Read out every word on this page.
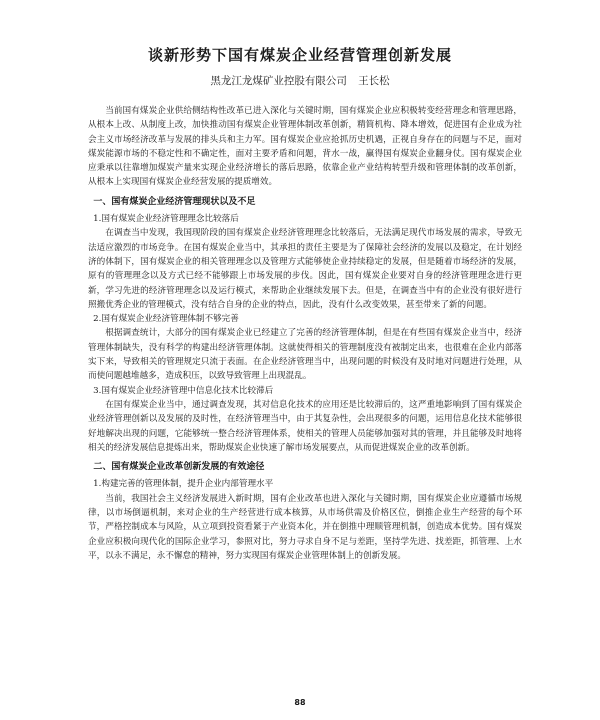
谈新形势下国有煤炭企业经营管理创新发展
黑龙江龙煤矿业控股有限公司 王长松

当前国有煤炭企业供给侧结构性改革已进入深化与关键时期，国有煤炭企业应积极转变经营理念和管理思路，从根本上改、从制度上改，加快推动国有煤炭企业管理体制改革创新，精简机构、降本增效，促进国有企业成为社会主义市场经济改革与发展的排头兵和主力军。国有煤炭企业应抢抓历史机遇，正视自身存在的问题与不足，面对煤炭能源市场的不稳定性和不确定性，面对主要矛盾和问题，背水一战，赢得国有煤炭企业翻身仗。国有煤炭企业应秉承以往靠增加煤炭产量来实现企业经济增长的落后思路，依靠企业产业结构转型升级和管理体制的改革创新，从根本上实现国有煤炭企业经营发展的提质增效。

一、国有煤炭企业经济管理现状以及不足
1.国有煤炭企业经济管理理念比较落后

在调查当中发现，我国现阶段的国有煤炭企业经济管理理念比较落后，无法满足现代市场发展的需求，导致无法适应激烈的市场竞争。在国有煤炭企业当中，其承担的责任主要是为了保障社会经济的发展以及稳定，在计划经济的体制下，国有煤炭企业的相关管理理念以及管理方式能够使企业持续稳定的发展，但是随着市场经济的发展，原有的管理理念以及方式已经不能够跟上市场发展的步伐。因此，国有煤炭企业要对自身的经济管理理念进行更新，学习先进的经济管理理念以及运行模式，来帮助企业继续发展下去。但是，在调查当中有的企业没有很好进行照搬优秀企业的管理模式，没有结合自身的企业的特点，因此，没有什么改变效果，甚至带来了新的问题。

2.国有煤炭企业经济管理体制不够完善

根据调查统计，大部分的国有煤炭企业已经建立了完善的经济管理体制，但是在有些国有煤炭企业当中，经济管理体制缺失，没有科学的构建出经济管理体制。这就使得相关的管理制度没有被制定出来，也很难在企业内部落实下来，导致相关的管理规定只流于表面。在企业经济管理当中，出现问题的时候没有及时地对问题进行处理，从而使问题越堆越多，造成积压，以致导致管理上出现混乱。

3.国有煤炭企业经济管理中信息化技术比较滞后

在国有煤炭企业当中，通过调查发现，其对信息化技术的应用还是比较滞后的，这严重地影响到了国有煤炭企业经济管理创新以及发展的及时性，在经济管理当中，由于其复杂性，会出现很多的问题，运用信息化技术能够很好地解决出现的问题，它能够统一整合经济管理体系，使相关的管理人员能够加强对其的管理，并且能够及时地将相关的经济发展信息提炼出来，帮助煤炭企业快速了解市场发展要点，从而促进煤炭企业的改革创新。

二、国有煤炭企业改革创新发展的有效途径
1.构建完善的管理体制，提升企业内部管理水平

当前，我国社会主义经济发展进入新时期，国有企业改革也进入深化与关键时期，国有煤炭企业应遵循市场规律，以市场倒逼机制，来对企业的生产经营进行成本核算，从市场供需及价格区位，倒推企业生产经营的每个环节，严格控制成本与风险，从立项到投资看紧于产业资本化，并在倒推中理顺管理机制，创造成本优势。国有煤炭企业应积极向现代化的国际企业学习，参照对比，努力寻求自身不足与差距，坚持学先进、找差距，抓管理、上水平，以永不满足，永不懈怠的精神，努力实现国有煤炭企业管理体制上的创新发展。

88
